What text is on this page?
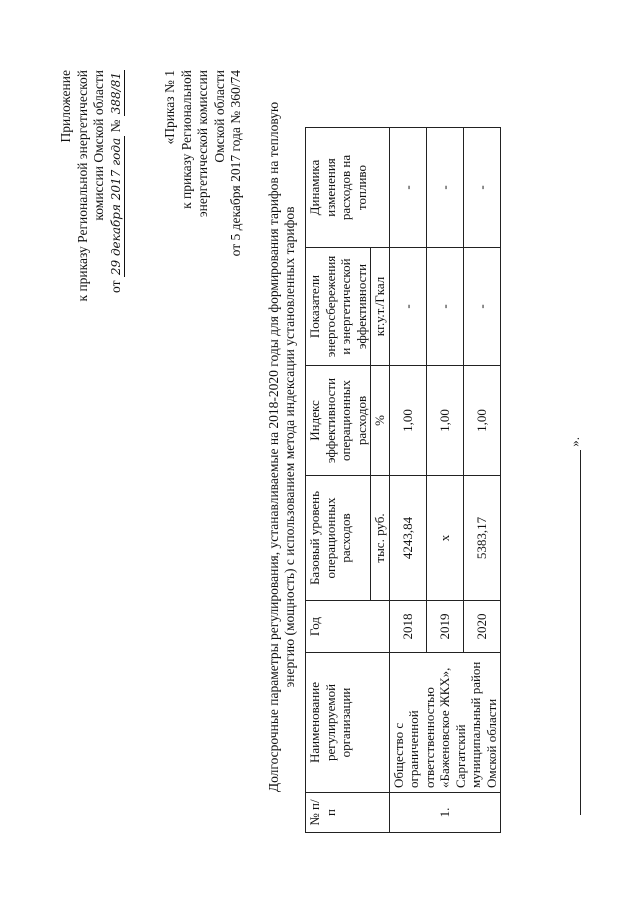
Приложение к приказу Региональной энергетической комиссии Омской области
от 29 декабря 2017 года № 388/81	«Приказ № 1 к приказу Региональной энергетической комиссии Омской области от 5 декабря 2017 года № 360/74 Долгосрочные параметры регулирования, устанавливаемые на 2018-2020 годы для формирования тарифов на тепловую энергию (мощность) с использованием метода индексации установленных тарифов
№ п/п	Наименование регулируемой организации	Год	Базовый уровень операционных расходов	Индекс эффективности операционных расходов	Показатели энергосбережения и энергетической эффективности	Динамика изменения расходов на топливо
			тыс. руб.	%	кг.у.т./Гкал	
1.	Общество с ограниченной ответственностью «Баженовское ЖКХ», Саргатский муниципальный район Омской области	2018	4243,84	1,00	-	-
		2019	х	1,00	-	-
		2020	5383,17	1,00	-	-
».
